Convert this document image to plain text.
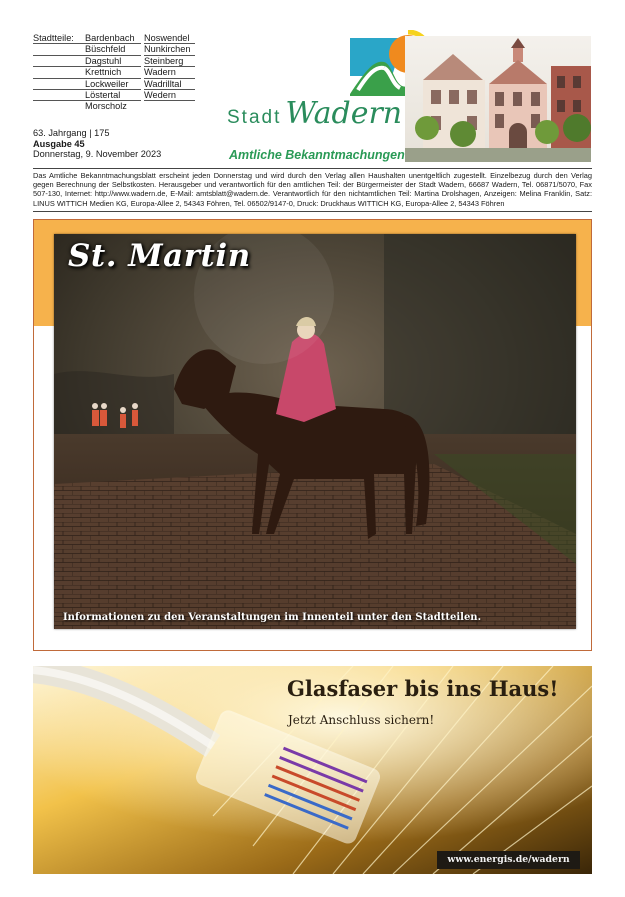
Stadtteile: Bardenbach
Büschfeld
Dagstuhl
Krettnich
Lockweiler
Löstertal
Morscholz
Noswendel
Nunkirchen
Steinberg
Wadern
Wadrilltal
Wedern
63. Jahrgang | 175
Ausgabe 45
Donnerstag, 9. November 2023
Stadt Wadern
Amtliche Bekanntmachungen

Das Amtliche Bekanntmachungsblatt erscheint jeden Donnerstag und wird durch den Verlag allen Haushalten unentgeltlich zugestellt. Einzelbezug durch den Verlag gegen Berechnung der Selbstkosten. Herausgeber und verantwortlich für den amtlichen Teil: der Bürgermeister der Stadt Wadern, 66687 Wadern, Tel. 06871/5070, Fax 507-130, Internet: http://www.wadern.de, E-Mail: amtsblatt@wadern.de. Verantwortlich für den nichtamtlichen Teil: Martina Drolshagen, Anzeigen: Melina Franklin, Satz: LINUS WITTICH Medien KG, Europa-Allee 2, 54343 Föhren, Tel. 06502/9147-0, Druck: Druckhaus WITTICH KG, Europa-Allee 2, 54343 Föhren

St. Martin
Informationen zu den Veranstaltungen im Innenteil unter den Stadtteilen.
Glasfaser bis ins Haus!
Jetzt Anschluss sichern!
www.energis.de/wadern
